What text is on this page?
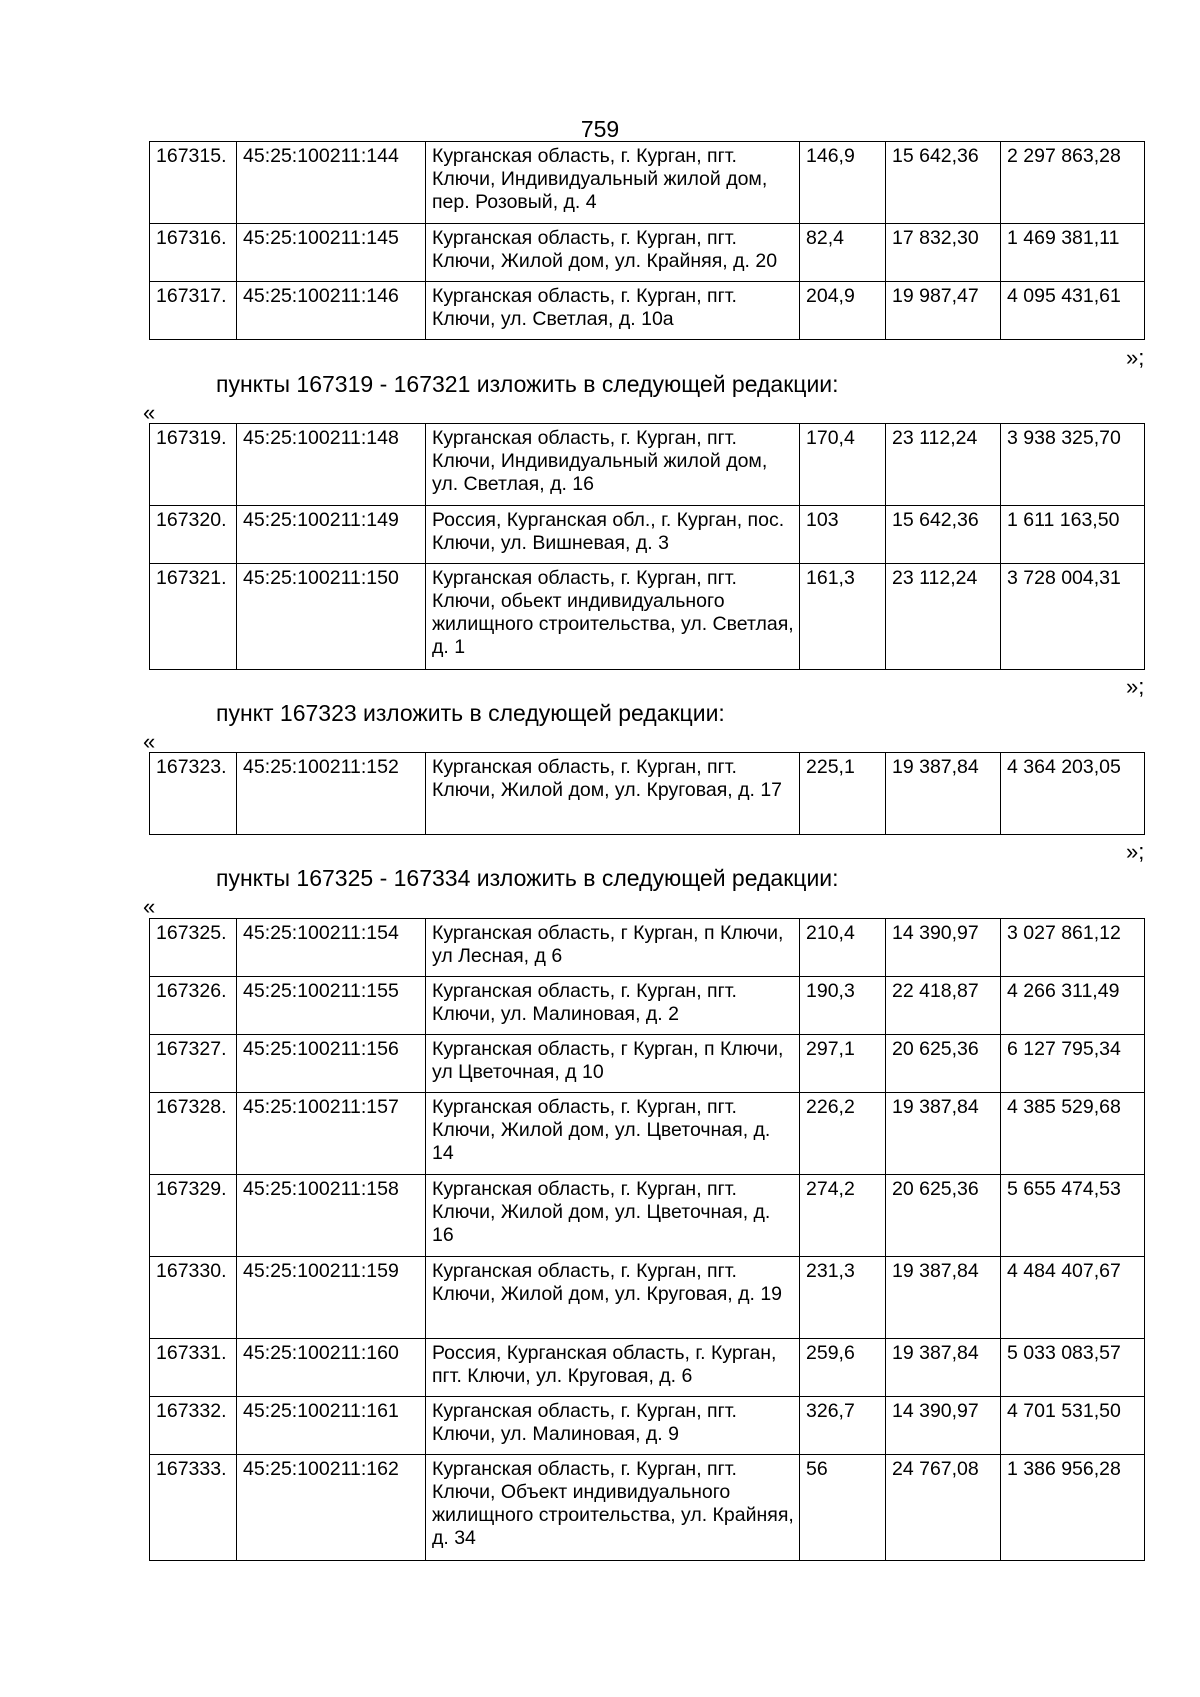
759
167315.	45:25:100211:144	Курганская область, г. Курган, пгт. Ключи, Индивидуальный жилой дом, пер. Розовый, д. 4	146,9	15 642,36	2 297 863,28
167316.	45:25:100211:145	Курганская область, г. Курган, пгт. Ключи, Жилой дом, ул. Крайняя, д. 20	82,4	17 832,30	1 469 381,11
167317.	45:25:100211:146	Курганская область, г. Курган, пгт. Ключи, ул. Светлая, д. 10а	204,9	19 987,47	4 095 431,61
»;
пункты 167319 - 167321 изложить в следующей редакции:
«
167319.	45:25:100211:148	Курганская область, г. Курган, пгт. Ключи, Индивидуальный жилой дом, ул. Светлая, д. 16	170,4	23 112,24	3 938 325,70
167320.	45:25:100211:149	Россия, Курганская обл., г. Курган, пос. Ключи, ул. Вишневая, д. 3	103	15 642,36	1 611 163,50
167321.	45:25:100211:150	Курганская область, г. Курган, пгт. Ключи, обьект индивидуального жилищного строительства, ул. Светлая, д. 1	161,3	23 112,24	3 728 004,31
»;
пункт 167323 изложить в следующей редакции:
«
167323.	45:25:100211:152	Курганская область, г. Курган, пгт. Ключи, Жилой дом, ул. Круговая, д. 17	225,1	19 387,84	4 364 203,05
»;
пункты 167325 - 167334 изложить в следующей редакции:
«
167325.	45:25:100211:154	Курганская область, г Курган, п Ключи, ул Лесная, д 6	210,4	14 390,97	3 027 861,12
167326.	45:25:100211:155	Курганская область, г. Курган, пгт. Ключи, ул. Малиновая, д. 2	190,3	22 418,87	4 266 311,49
167327.	45:25:100211:156	Курганская область, г Курган, п Ключи, ул Цветочная, д 10	297,1	20 625,36	6 127 795,34
167328.	45:25:100211:157	Курганская область, г. Курган, пгт. Ключи, Жилой дом, ул. Цветочная, д. 14	226,2	19 387,84	4 385 529,68
167329.	45:25:100211:158	Курганская область, г. Курган, пгт. Ключи, Жилой дом, ул. Цветочная, д. 16	274,2	20 625,36	5 655 474,53
167330.	45:25:100211:159	Курганская область, г. Курган, пгт. Ключи, Жилой дом, ул. Круговая, д. 19	231,3	19 387,84	4 484 407,67
167331.	45:25:100211:160	Россия, Курганская область, г. Курган, пгт. Ключи, ул. Круговая, д. 6	259,6	19 387,84	5 033 083,57
167332.	45:25:100211:161	Курганская область, г. Курган, пгт. Ключи, ул. Малиновая, д. 9	326,7	14 390,97	4 701 531,50
167333.	45:25:100211:162	Курганская область, г. Курган, пгт. Ключи, Объект индивидуального жилищного строительства, ул. Крайняя, д. 34	56	24 767,08	1 386 956,28
